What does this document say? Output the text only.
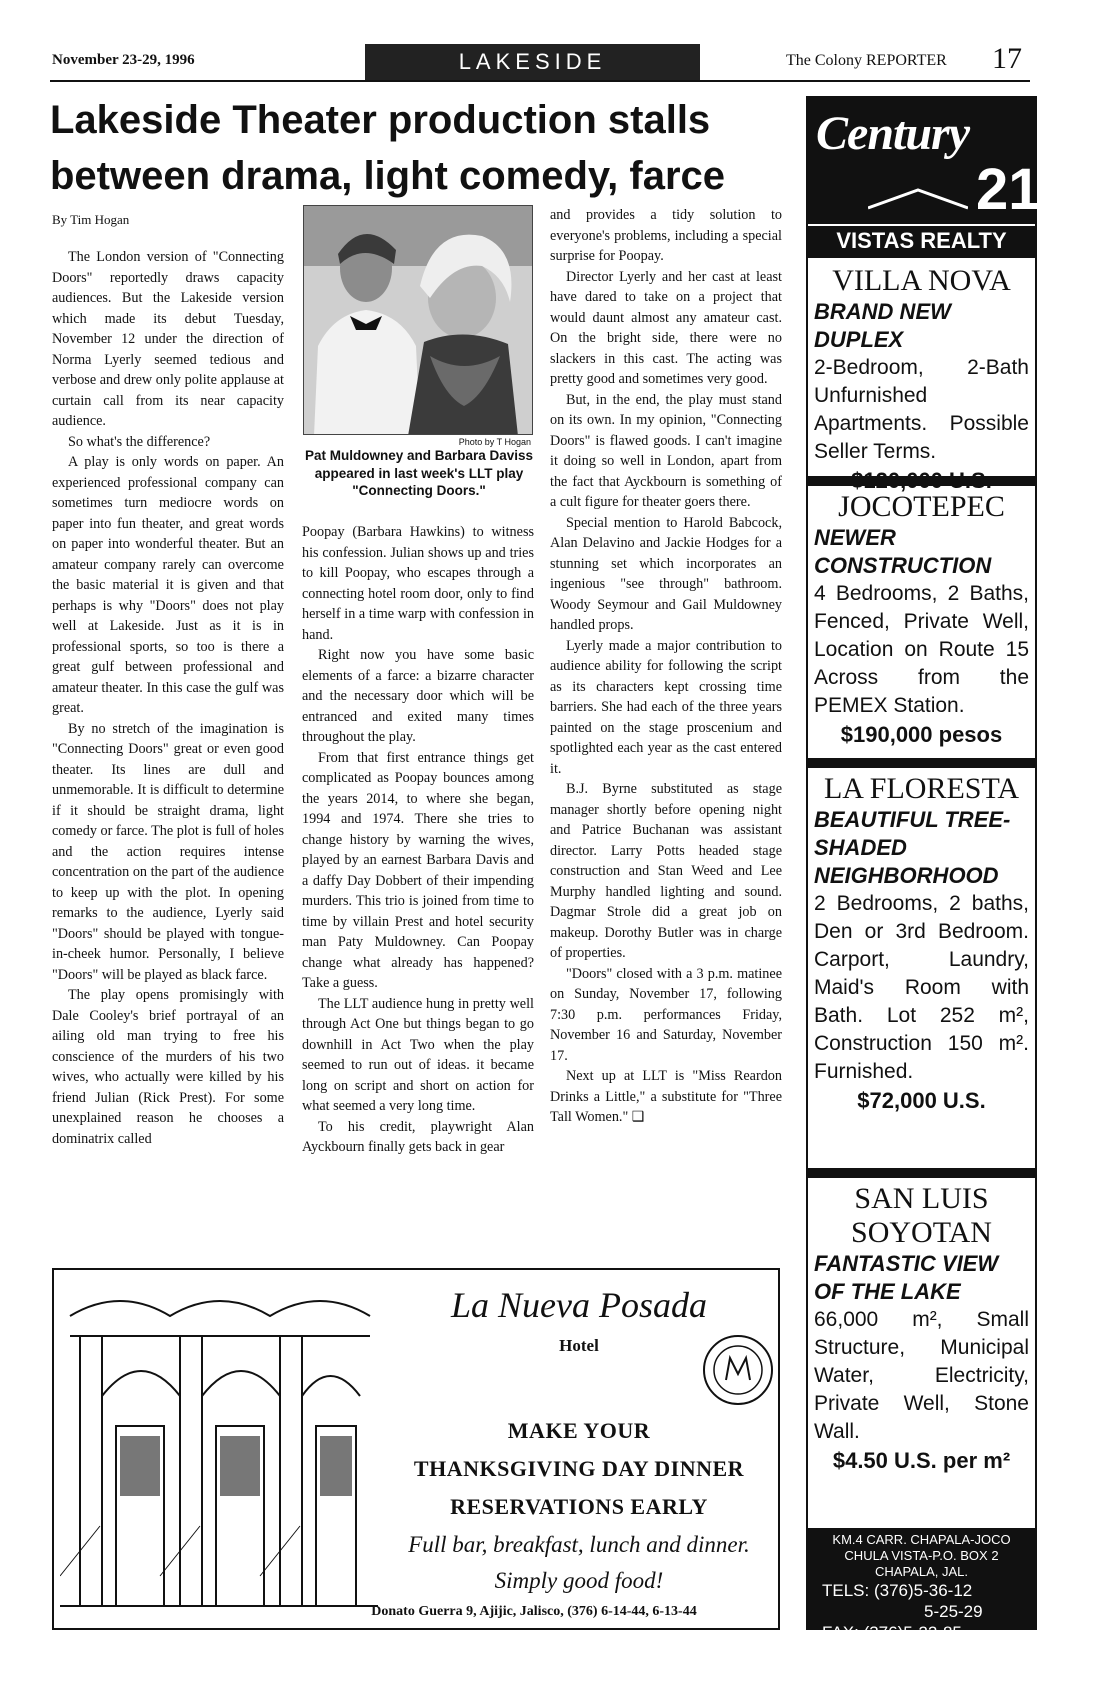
November 23-29, 1996	LAKESIDE	The Colony REPORTER 17
Lakeside Theater production stalls
between drama, light comedy, farce
By Tim Hogan

The London version of "Connecting Doors" reportedly draws capacity audiences. But the Lakeside version which made its debut Tuesday, November 12 under the direction of Norma Lyerly seemed tedious and verbose and drew only polite applause at curtain call from its near capacity audience.

So what's the difference?

A play is only words on paper. An experienced professional company can sometimes turn mediocre words on paper into fun theater, and great words on paper into wonderful theater. But an amateur company rarely can overcome the basic material it is given and that perhaps is why "Doors" does not play well at Lakeside. Just as it is in professional sports, so too is there a great gulf between professional and amateur theater. In this case the gulf was great.

By no stretch of the imagination is "Connecting Doors" great or even good theater. Its lines are dull and unmemorable. It is difficult to determine if it should be straight drama, light comedy or farce. The plot is full of holes and the action requires intense concentration on the part of the audience to keep up with the plot. In opening remarks to the audience, Lyerly said "Doors" should be played with tongue-in-cheek humor. Personally, I believe "Doors" will be played as black farce.

The play opens promisingly with Dale Cooley's brief portrayal of an ailing old man trying to free his conscience of the murders of his two wives, who actually were killed by his friend Julian (Rick Prest). For some unexplained reason he chooses a dominatrix called

Photo by T Hogan
Pat Muldowney and Barbara Daviss appeared in last week's LLT play "Connecting Doors."

Poopay (Barbara Hawkins) to witness his confession. Julian shows up and tries to kill Poopay, who escapes through a connecting hotel room door, only to find herself in a time warp with confession in hand.

Right now you have some basic elements of a farce: a bizarre character and the necessary door which will be entranced and exited many times throughout the play.

From that first entrance things get complicated as Poopay bounces among the years 2014, to where she began, 1994 and 1974. There she tries to change history by warning the wives, played by an earnest Barbara Davis and a daffy Day Dobbert of their impending murders. This trio is joined from time to time by villain Prest and hotel security man Paty Muldowney. Can Poopay change what already has happened? Take a guess.

The LLT audience hung in pretty well through Act One but things began to go downhill in Act Two when the play seemed to run out of ideas. it became long on script and short on action for what seemed a very long time.

To his credit, playwright Alan Ayckbourn finally gets back in gear

and provides a tidy solution to everyone's problems, including a special surprise for Poopay.

Director Lyerly and her cast at least have dared to take on a project that would daunt almost any amateur cast. On the bright side, there were no slackers in this cast. The acting was pretty good and sometimes very good.

But, in the end, the play must stand on its own. In my opinion, "Connecting Doors" is flawed goods. I can't imagine it doing so well in London, apart from the fact that Ayckbourn is something of a cult figure for theater goers there.

Special mention to Harold Babcock, Alan Delavino and Jackie Hodges for a stunning set which incorporates an ingenious "see through" bathroom. Woody Seymour and Gail Muldowney handled props.

Lyerly made a major contribution to audience ability for following the script as its characters kept crossing time barriers. She had each of the three years painted on the stage proscenium and spotlighted each year as the cast entered it.

B.J. Byrne substituted as stage manager shortly before opening night and Patrice Buchanan was assistant director. Larry Potts headed stage construction and Stan Weed and Lee Murphy handled lighting and sound. Dagmar Strole did a great job on makeup. Dorothy Butler was in charge of properties.

"Doors" closed with a 3 p.m. matinee on Sunday, November 17, following 7:30 p.m. performances Friday, November 16 and Saturday, November 17.

Next up at LLT is "Miss Reardon Drinks a Little," a substitute for "Three Tall Women." ❑

La Nueva Posada
Hotel
MAKE YOUR
THANKSGIVING DAY DINNER
RESERVATIONS EARLY
Full bar, breakfast, lunch and dinner.
Simply good food!
Donato Guerra 9, Ajijic, Jalisco, (376) 6-14-44, 6-13-44
Century
21
VISTAS REALTY
VILLA NOVA
BRAND NEW DUPLEX
2-Bedroom, 2-Bath Unfurnished Apartments. Possible Seller Terms.
JOCOTEPEC
NEWER CONSTRUCTION
4 Bedrooms, 2 Baths, Fenced, Private Well, Location on Route 15 Across from the PEMEX Station.
$190,000 pesos
LA FLORESTA
BEAUTIFUL TREE-SHADED NEIGHBORHOOD
2 Bedrooms, 2 baths, Den or 3rd Bedroom. Carport, Laundry, Maid's Room with Bath. Lot 252 m², Construction 150 m². Furnished.
$72,000 U.S.
SAN LUIS SOYOTAN
FANTASTIC VIEW OF THE LAKE
66,000 m², Small Structure, Municipal Water, Electricity, Private Well, Stone Wall.
$4.50 U.S. per m²
KM.4 CARR. CHAPALA-JOCO
CHULA VISTA-P.O. BOX 2
CHAPALA, JAL.
TELS: (376)5-36-12
5-25-29
FAX: (376)5-22-85
